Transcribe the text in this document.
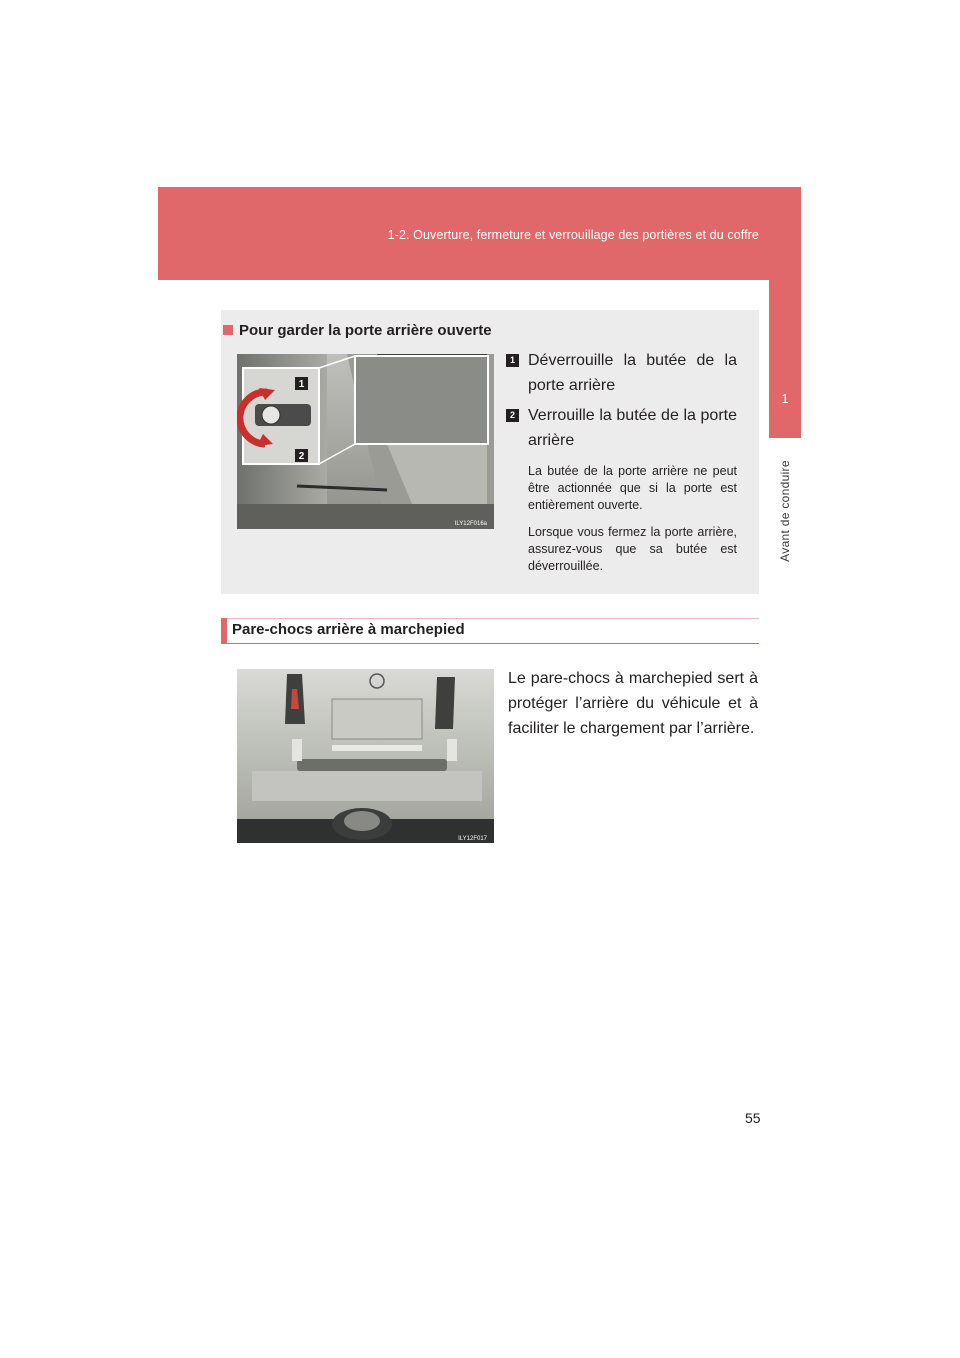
1-2. Ouverture, fermeture et verrouillage des portières et du coffre
1
Avant de conduire
Pour garder la porte arrière ouverte
1
2
ILY12F016a
1 Déverrouille la butée de la porte arrière
2 Verrouille la butée de la porte arrière
La butée de la porte arrière ne peut être actionnée que si la porte est entièrement ouverte.
Lorsque vous fermez la porte arrière, assurez-vous que sa butée est déverrouillée.
Pare-chocs arrière à marchepied
ILY12F017
Le pare-chocs à marchepied sert à protéger l’arrière du véhicule et à faciliter le chargement par l’arrière.
55
